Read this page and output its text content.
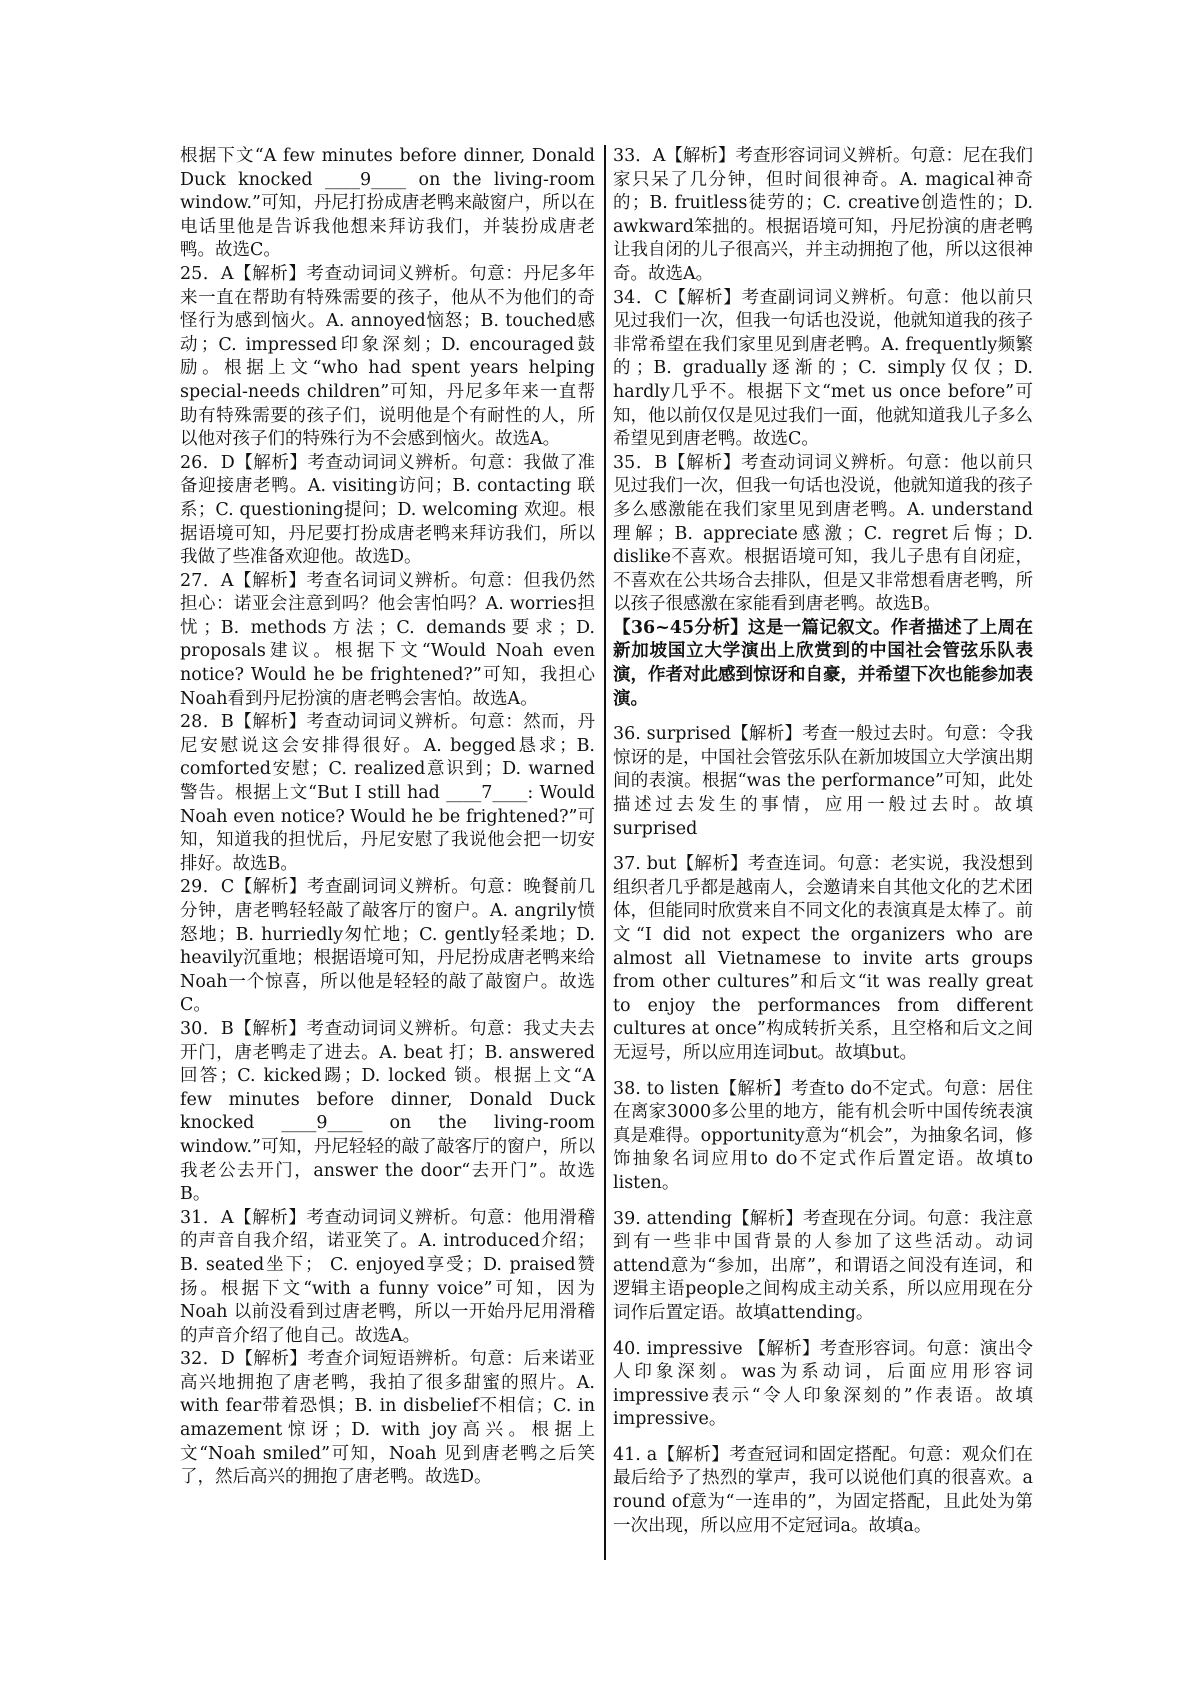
根据下文“A few minutes before dinner, Donald Duck knocked ____9____ on the living-room window.”可知，丹尼打扮成唐老鸭来敲窗户，所以在电话里他是告诉我他想来拜访我们，并装扮成唐老鸭。故选C。

25．A【解析】考查动词词义辨析。句意：丹尼多年来一直在帮助有特殊需要的孩子，他从不为他们的奇怪行为感到恼火。A. annoyed恼怒；B. touched感动；C. impressed印象深刻；D. encouraged鼓励。根据上文“who had spent years helping special-needs children”可知，丹尼多年来一直帮助有特殊需要的孩子们，说明他是个有耐性的人，所以他对孩子们的特殊行为不会感到恼火。故选A。

26．D【解析】考查动词词义辨析。句意：我做了准备迎接唐老鸭。A. visiting访问；B. contacting 联系；C. questioning提问；D. welcoming 欢迎。根据语境可知，丹尼要打扮成唐老鸭来拜访我们，所以我做了些准备欢迎他。故选D。

27．A【解析】考查名词词义辨析。句意：但我仍然担心：诺亚会注意到吗？他会害怕吗？A. worries担忧；B. methods方法；C. demands要求；D. proposals建议。根据下文“Would Noah even notice? Would he be frightened?”可知，我担心Noah看到丹尼扮演的唐老鸭会害怕。故选A。

28．B【解析】考查动词词义辨析。句意：然而，丹尼安慰说这会安排得很好。A. begged恳求；B. comforted安慰；C. realized意识到；D. warned警告。根据上文“But I still had ____7____: Would Noah even notice? Would he be frightened?”可知，知道我的担忧后，丹尼安慰了我说他会把一切安排好。故选B。

29．C【解析】考查副词词义辨析。句意：晚餐前几分钟，唐老鸭轻轻敲了敲客厅的窗户。A. angrily愤怒地；B. hurriedly匆忙地；C. gently轻柔地；D. heavily沉重地；根据语境可知，丹尼扮成唐老鸭来给Noah一个惊喜，所以他是轻轻的敲了敲窗户。故选C。

30．B【解析】考查动词词义辨析。句意：我丈夫去开门，唐老鸭走了进去。A. beat 打；B. answered 回答；C. kicked踢；D. locked 锁。根据上文“A few minutes before dinner, Donald Duck knocked ____9____ on the living-room window.”可知，丹尼轻轻的敲了敲客厅的窗户，所以我老公去开门，answer the door“去开门”。故选B。

31．A【解析】考查动词词义辨析。句意：他用滑稽的声音自我介绍，诺亚笑了。A. introduced介绍；B. seated坐下； C. enjoyed享受；D. praised赞扬。根据下文“with a funny voice”可知，因为Noah 以前没看到过唐老鸭，所以一开始丹尼用滑稽的声音介绍了他自己。故选A。

32．D【解析】考查介词短语辨析。句意：后来诺亚高兴地拥抱了唐老鸭，我拍了很多甜蜜的照片。A. with fear带着恐惧；B. in disbelief不相信；C. in amazement惊讶；D. with joy高兴。根据上文“Noah smiled”可知，Noah 见到唐老鸭之后笑了，然后高兴的拥抱了唐老鸭。故选D。

33．A【解析】考查形容词词义辨析。句意：尼在我们家只呆了几分钟，但时间很神奇。A. magical神奇的；B. fruitless徒劳的；C. creative创造性的；D. awkward笨拙的。根据语境可知，丹尼扮演的唐老鸭让我自闭的儿子很高兴，并主动拥抱了他，所以这很神奇。故选A。

34．C【解析】考查副词词义辨析。句意：他以前只见过我们一次，但我一句话也没说，他就知道我的孩子非常希望在我们家里见到唐老鸭。A. frequently频繁的；B. gradually逐渐的；C. simply仅仅；D. hardly几乎不。根据下文“met us once before”可知，他以前仅仅是见过我们一面，他就知道我儿子多么希望见到唐老鸭。故选C。

35．B【解析】考查动词词义辨析。句意：他以前只见过我们一次，但我一句话也没说，他就知道我的孩子多么感激能在我们家里见到唐老鸭。A. understand理解；B. appreciate感激；C. regret后悔；D. dislike不喜欢。根据语境可知，我儿子患有自闭症，不喜欢在公共场合去排队，但是又非常想看唐老鸭，所以孩子很感激在家能看到唐老鸭。故选B。

【36~45分析】这是一篇记叙文。作者描述了上周在新加坡国立大学演出上欣赏到的中国社会管弦乐队表演，作者对此感到惊讶和自豪，并希望下次也能参加表演。

36. surprised【解析】考查一般过去时。句意：令我惊讶的是，中国社会管弦乐队在新加坡国立大学演出期间的表演。根据“was the performance”可知，此处描述过去发生的事情，应用一般过去时。故填surprised

37. but【解析】考查连词。句意：老实说，我没想到组织者几乎都是越南人，会邀请来自其他文化的艺术团体，但能同时欣赏来自不同文化的表演真是太棒了。前文“I did not expect the organizers who are almost all Vietnamese to invite arts groups from other cultures”和后文“it was really great to enjoy the performances from different cultures at once”构成转折关系，且空格和后文之间无逗号，所以应用连词but。故填but。

38. to listen【解析】考查to do不定式。句意：居住在离家3000多公里的地方，能有机会听中国传统表演真是难得。opportunity意为“机会”，为抽象名词，修饰抽象名词应用to do不定式作后置定语。故填to listen。

39. attending【解析】考查现在分词。句意：我注意到有一些非中国背景的人参加了这些活动。动词attend意为“参加，出席”，和谓语之间没有连词，和逻辑主语people之间构成主动关系，所以应用现在分词作后置定语。故填attending。

40. impressive 【解析】考查形容词。句意：演出令人印象深刻。was为系动词，后面应用形容词impressive表示“令人印象深刻的”作表语。故填impressive。

41. a【解析】考查冠词和固定搭配。句意：观众们在最后给予了热烈的掌声，我可以说他们真的很喜欢。a round of意为“一连串的”，为固定搭配，且此处为第一次出现，所以应用不定冠词a。故填a。
